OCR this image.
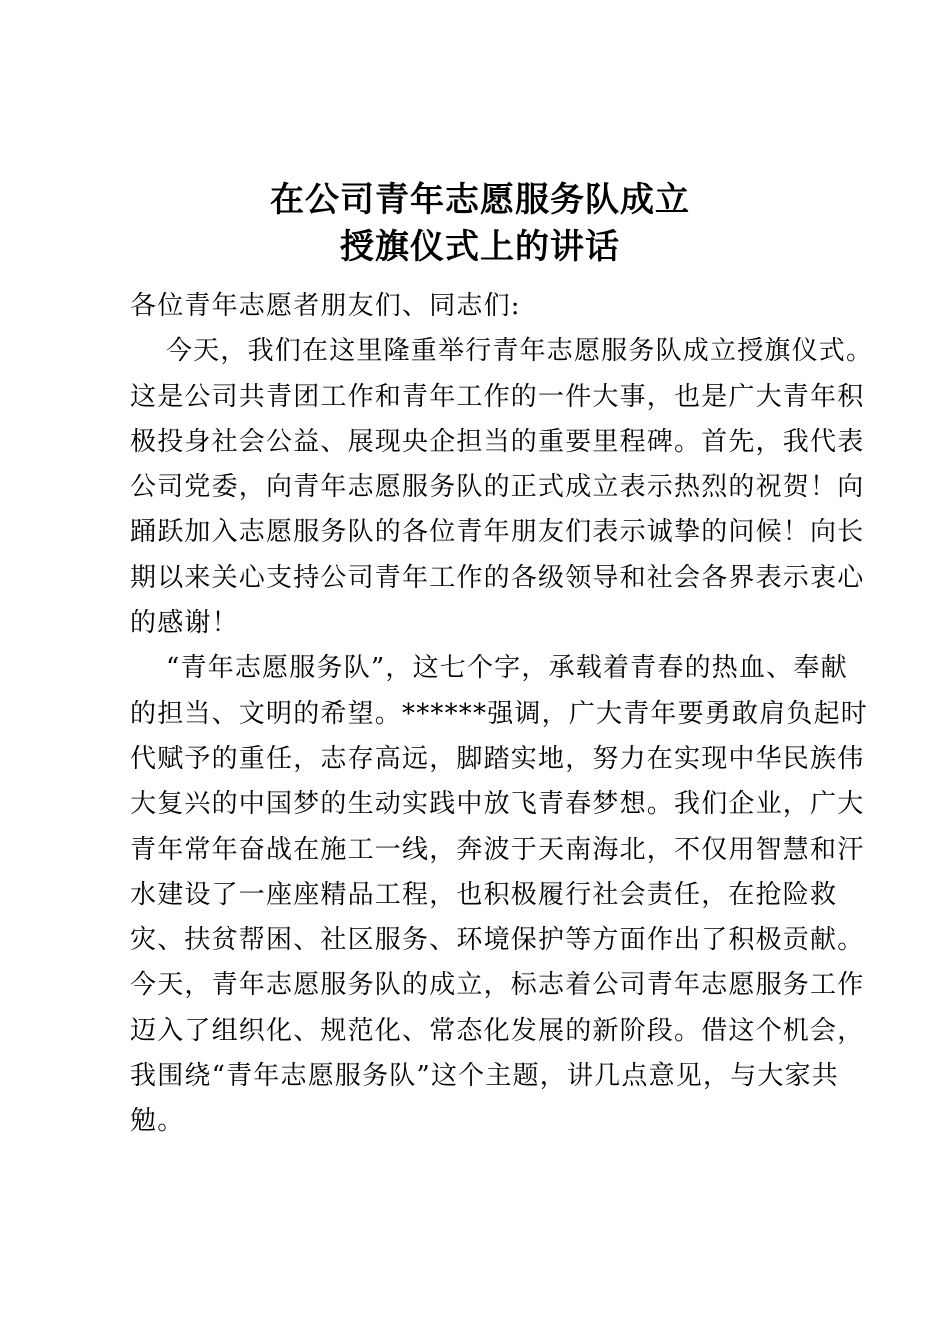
在公司青年志愿服务队成立
授旗仪式上的讲话
各位青年志愿者朋友们、同志们:
今天，我们在这里隆重举行青年志愿服务队成立授旗仪式。
这是公司共青团工作和青年工作的一件大事，也是广大青年积
极投身社会公益、展现央企担当的重要里程碑。首先，我代表
公司党委，向青年志愿服务队的正式成立表示热烈的祝贺！向
踊跃加入志愿服务队的各位青年朋友们表示诚挚的问候！向长
期以来关心支持公司青年工作的各级领导和社会各界表示衷心
的感谢！
“青年志愿服务队”，这七个字，承载着青春的热血、奉献
的担当、文明的希望。******强调，广大青年要勇敢肩负起时
代赋予的重任，志存高远，脚踏实地，努力在实现中华民族伟
大复兴的中国梦的生动实践中放飞青春梦想。我们企业，广大
青年常年奋战在施工一线，奔波于天南海北，不仅用智慧和汗
水建设了一座座精品工程，也积极履行社会责任，在抢险救
灾、扶贫帮困、社区服务、环境保护等方面作出了积极贡献。
今天，青年志愿服务队的成立，标志着公司青年志愿服务工作
迈入了组织化、规范化、常态化发展的新阶段。借这个机会，
我围绕“青年志愿服务队”这个主题，讲几点意见，与大家共
勉。
